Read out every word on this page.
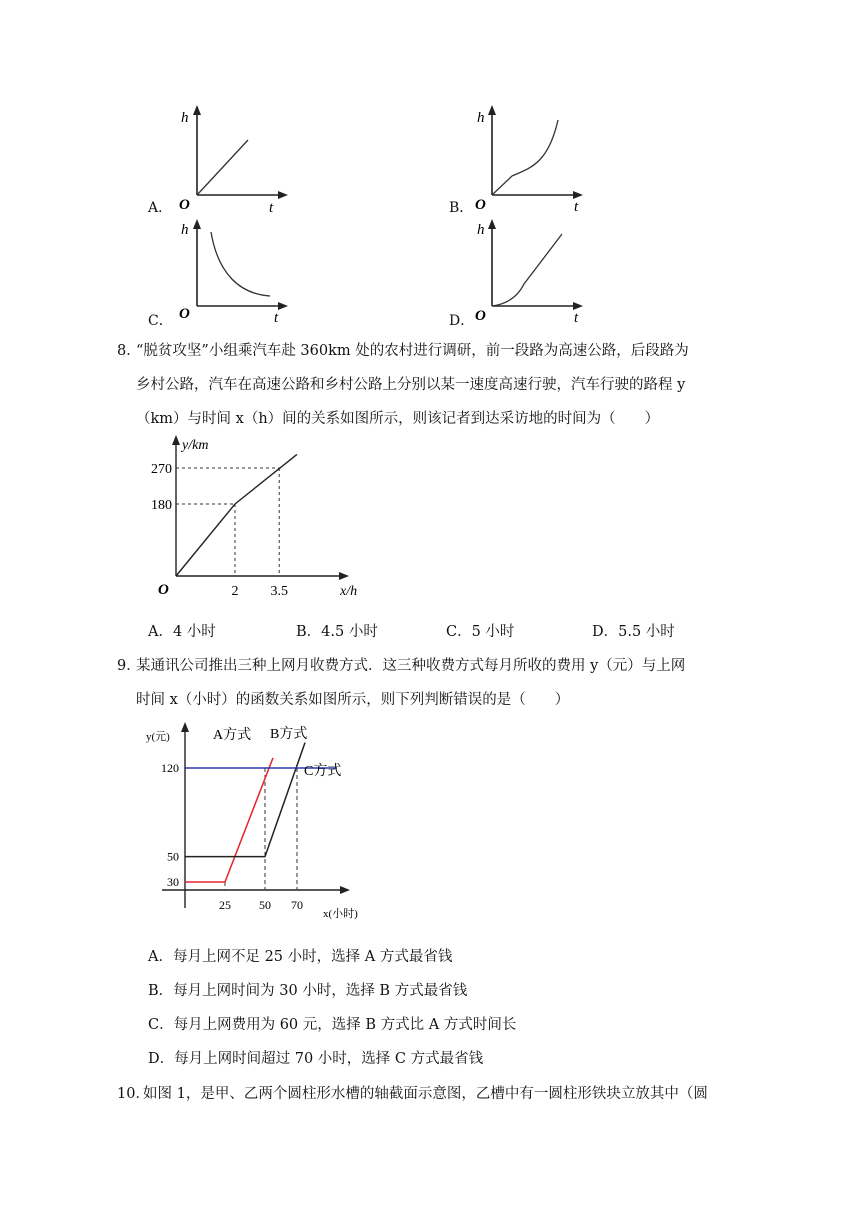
A．
h
t
O	B．
h
t
O
C．
h
t
O	D．
h
t
O
8．
“脱贫攻坚”小组乘汽车赴 360km 处的农村进行调研，前一段路为高速公路，后段路为
乡村公路，汽车在高速公路和乡村公路上分别以某一速度高速行驶，汽车行驶的路程 y
（km）与时间 x（h）间的关系如图所示，则该记者到达采访地的时间为（　　）
y/km
x/h
O	2 3.5
180
270
A．4 小时	B．4.5 小时	C．5 小时	D．5.5 小时
9．
某通讯公司推出三种上网月收费方式．这三种收费方式每月所收的费用 y（元）与上网
时间 x（小时）的函数关系如图所示，则下列判断错误的是（　　）
y(元)
x(小时)
25 50 70
120
50
30
A方式 B方式
C方式
A．每月上网不足 25 小时，选择 A 方式最省钱
B．每月上网时间为 30 小时，选择 B 方式最省钱
C．每月上网费用为 60 元，选择 B 方式比 A 方式时间长
D．每月上网时间超过 70 小时，选择 C 方式最省钱
10．
如图 1，是甲、乙两个圆柱形水槽的轴截面示意图，乙槽中有一圆柱形铁块立放其中（圆
